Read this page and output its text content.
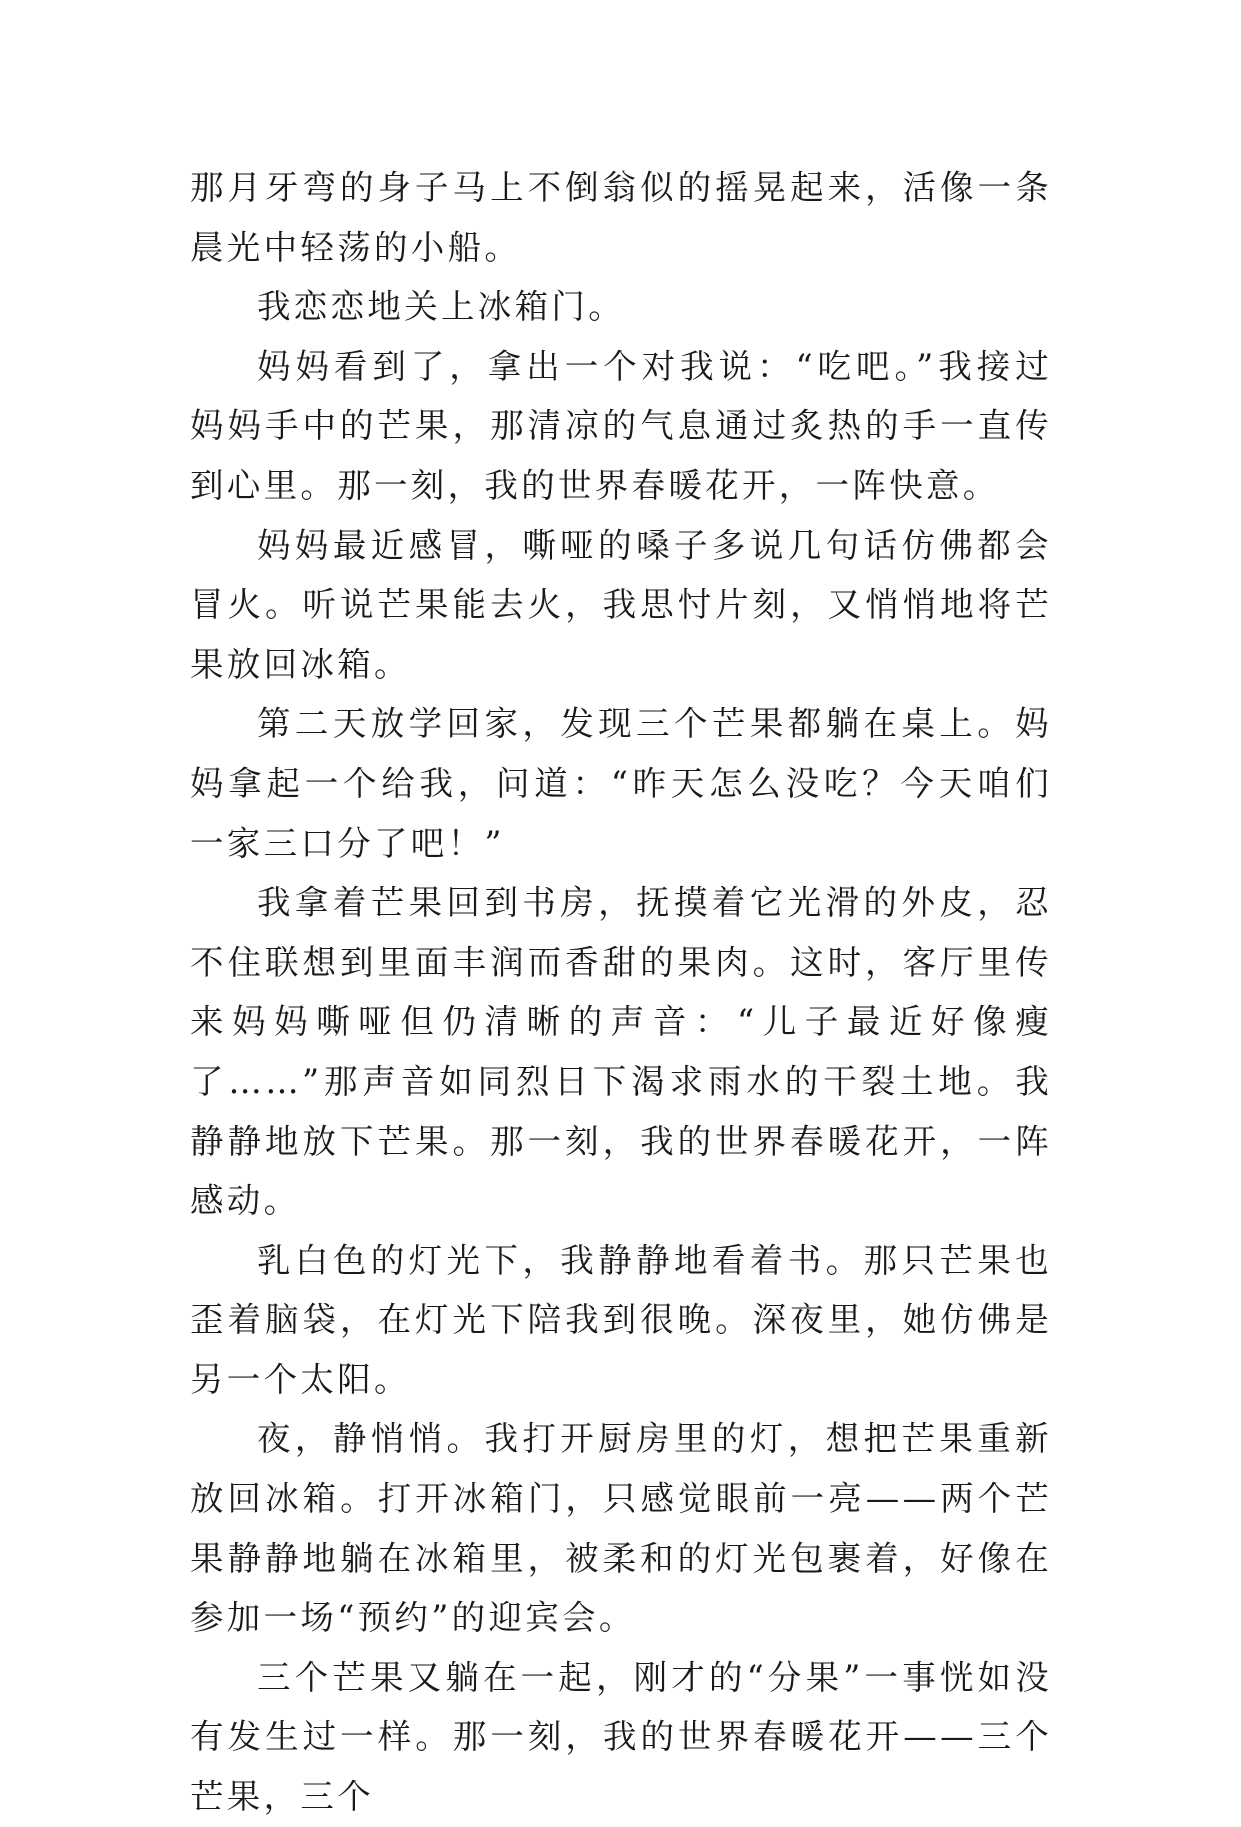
那月牙弯的身子马上不倒翁似的摇晃起来，活像一条晨光中轻荡的小船。

我恋恋地关上冰箱门。

妈妈看到了，拿出一个对我说：“吃吧。”我接过妈妈手中的芒果，那清凉的气息通过炙热的手一直传到心里。那一刻，我的世界春暖花开，一阵快意。

妈妈最近感冒，嘶哑的嗓子多说几句话仿佛都会冒火。听说芒果能去火，我思忖片刻，又悄悄地将芒果放回冰箱。

第二天放学回家，发现三个芒果都躺在桌上。妈妈拿起一个给我，问道：“昨天怎么没吃？今天咱们一家三口分了吧！”

我拿着芒果回到书房，抚摸着它光滑的外皮，忍不住联想到里面丰润而香甜的果肉。这时，客厅里传来妈妈嘶哑但仍清晰的声音：“儿子最近好像瘦了……”那声音如同烈日下渴求雨水的干裂土地。我静静地放下芒果。那一刻，我的世界春暖花开，一阵感动。

乳白色的灯光下，我静静地看着书。那只芒果也歪着脑袋，在灯光下陪我到很晚。深夜里，她仿佛是另一个太阳。

夜，静悄悄。我打开厨房里的灯，想把芒果重新放回冰箱。打开冰箱门，只感觉眼前一亮——两个芒果静静地躺在冰箱里，被柔和的灯光包裹着，好像在参加一场“预约”的迎宾会。

三个芒果又躺在一起，刚才的“分果”一事恍如没有发生过一样。那一刻，我的世界春暖花开——三个芒果，三个
